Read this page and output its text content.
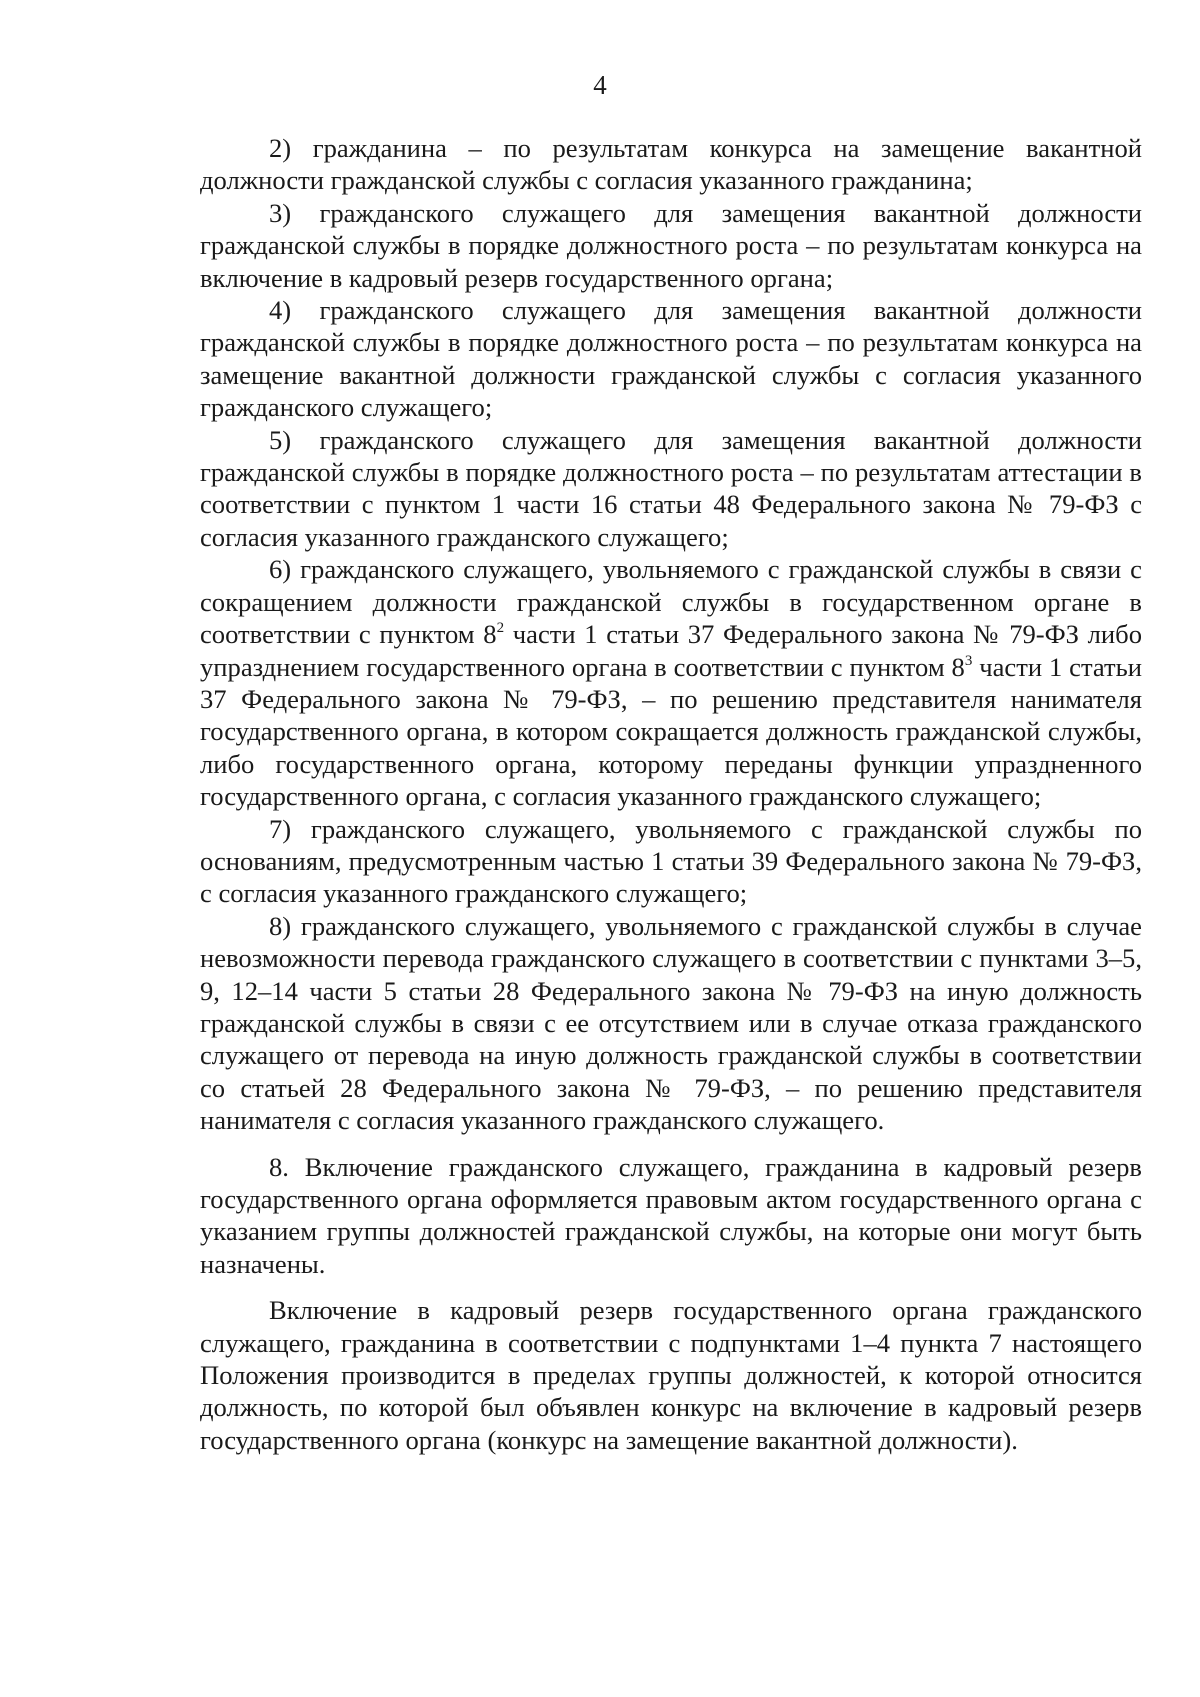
4

2) гражданина – по результатам конкурса на замещение вакантной должности гражданской службы с согласия указанного гражданина;

3) гражданского служащего для замещения вакантной должности гражданской службы в порядке должностного роста – по результатам конкурса на включение в кадровый резерв государственного органа;

4) гражданского служащего для замещения вакантной должности гражданской службы в порядке должностного роста – по результатам конкурса на замещение вакантной должности гражданской службы с согласия указанного гражданского служащего;

5) гражданского служащего для замещения вакантной должности гражданской службы в порядке должностного роста – по результатам аттестации в соответствии с пунктом 1 части 16 статьи 48 Федерального закона № 79-ФЗ с согласия указанного гражданского служащего;

6) гражданского служащего, увольняемого с гражданской службы в связи с сокращением должности гражданской службы в государственном органе в соответствии с пунктом $8^2$ части 1 статьи 37 Федерального закона № 79-ФЗ либо упразднением государственного органа в соответствии с пунктом $8^3$ части 1 статьи 37 Федерального закона № 79-ФЗ, – по решению представителя нанимателя государственного органа, в котором сокращается должность гражданской службы, либо государственного органа, которому переданы функции упраздненного государственного органа, с согласия указанного гражданского служащего;

7) гражданского служащего, увольняемого с гражданской службы по основаниям, предусмотренным частью 1 статьи 39 Федерального закона № 79-ФЗ, с согласия указанного гражданского служащего;

8) гражданского служащего, увольняемого с гражданской службы в случае невозможности перевода гражданского служащего в соответствии с пунктами 3–5, 9, 12–14 части 5 статьи 28 Федерального закона № 79-ФЗ на иную должность гражданской службы в связи с ее отсутствием или в случае отказа гражданского служащего от перевода на иную должность гражданской службы в соответствии со статьей 28 Федерального закона № 79-ФЗ, – по решению представителя нанимателя с согласия указанного гражданского служащего.

8. Включение гражданского служащего, гражданина в кадровый резерв государственного органа оформляется правовым актом государственного органа с указанием группы должностей гражданской службы, на которые они могут быть назначены.

Включение в кадровый резерв государственного органа гражданского служащего, гражданина в соответствии с подпунктами 1–4 пункта 7 настоящего Положения производится в пределах группы должностей, к которой относится должность, по которой был объявлен конкурс на включение в кадровый резерв государственного органа (конкурс на замещение вакантной должности).
